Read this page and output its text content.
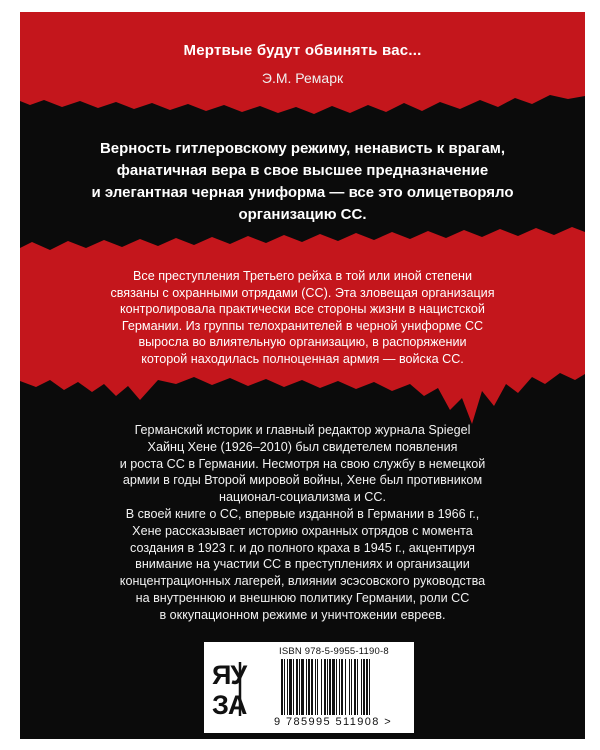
Мертвые будут обвинять вас...
Э.М. Ремарк
Верность гитлеровскому режиму, ненависть к врагам,
фанатичная вера в свое высшее предназначение
и элегантная черная униформа — все это олицетворяло
организацию СС.
Все преступления Третьего рейха в той или иной степени
связаны с охранными отрядами (СС). Эта зловещая организация
контролировала практически все стороны жизни в нацистской
Германии. Из группы телохранителей в черной униформе СС
выросла во влиятельную организацию, в распоряжении
которой находилась полноценная армия — войска СС.
Германский историк и главный редактор журнала Spiegel
Хайнц Хене (1926–2010) был свидетелем появления
и роста СС в Германии. Несмотря на свою службу в немецкой
армии в годы Второй мировой войны, Хене был противником
национал-социализма и СС.
В своей книге о СС, впервые изданной в Германии в 1966 г.,
Хене рассказывает историю охранных отрядов с момента
создания в 1923 г. и до полного краха в 1945 г., акцентируя
внимание на участии СС в преступлениях и организации
концентрационных лагерей, влиянии эсэсовского руководства
на внутреннюю и внешнюю политику Германии, роли СС
в оккупационном режиме и уничтожении евреев.
ЯУ
ЗА
ISBN 978-5-9955-1190-8
9 785995 511908 >
